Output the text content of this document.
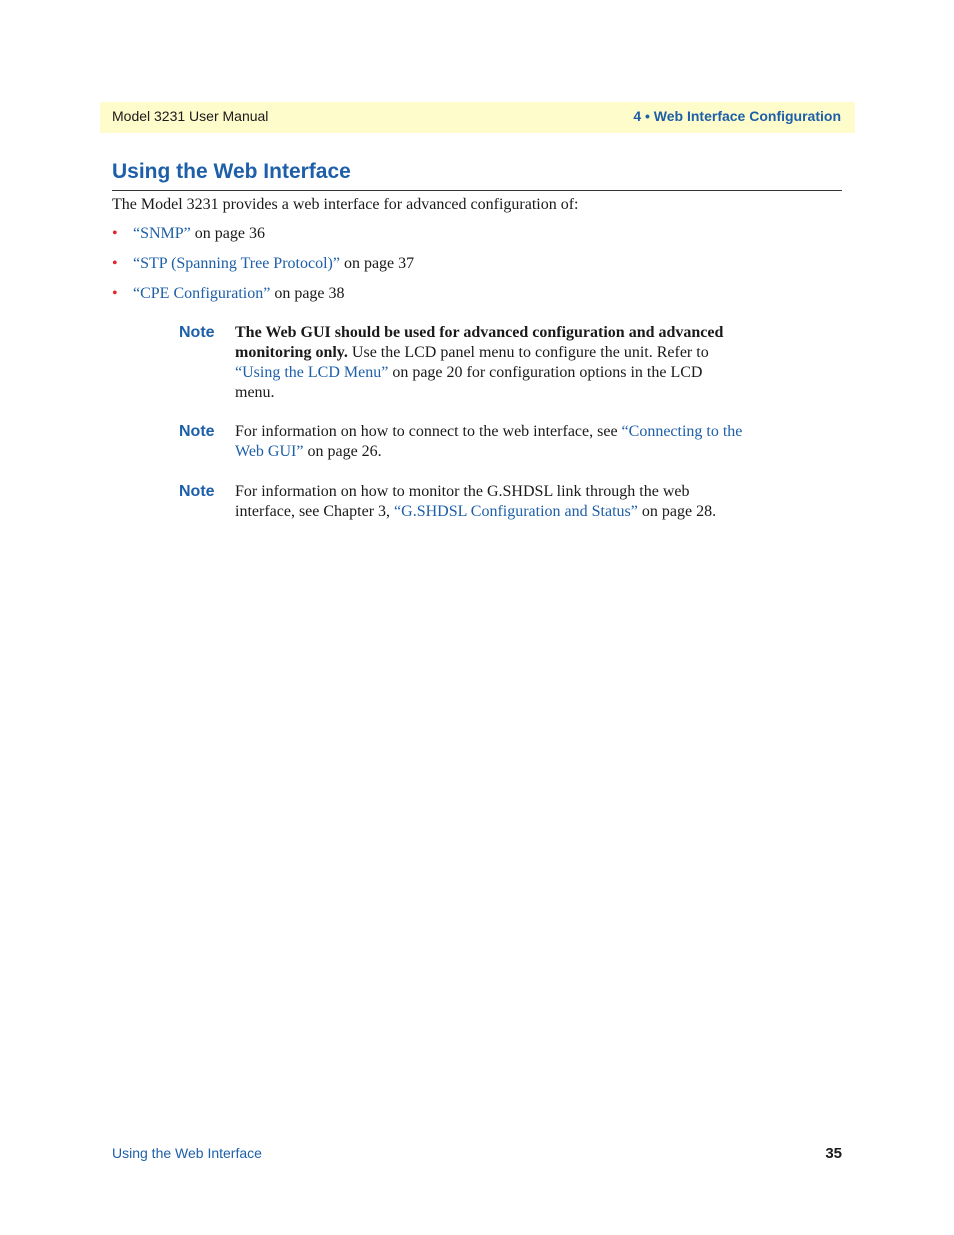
Model 3231 User Manual	4 • Web Interface Configuration
Using the Web Interface
The Model 3231 provides a web interface for advanced configuration of:
• “SNMP” on page 36
• “STP (Spanning Tree Protocol)” on page 37
• “CPE Configuration” on page 38
Note The Web GUI should be used for advanced configuration and advanced monitoring only. Use the LCD panel menu to configure the unit. Refer to “Using the LCD Menu” on page 20 for configuration options in the LCD menu.
Note For information on how to connect to the web interface, see “Connecting to the Web GUI” on page 26.
Note For information on how to monitor the G.SHDSL link through the web interface, see Chapter 3, “G.SHDSL Configuration and Status” on page 28.
Using the Web Interface	35
